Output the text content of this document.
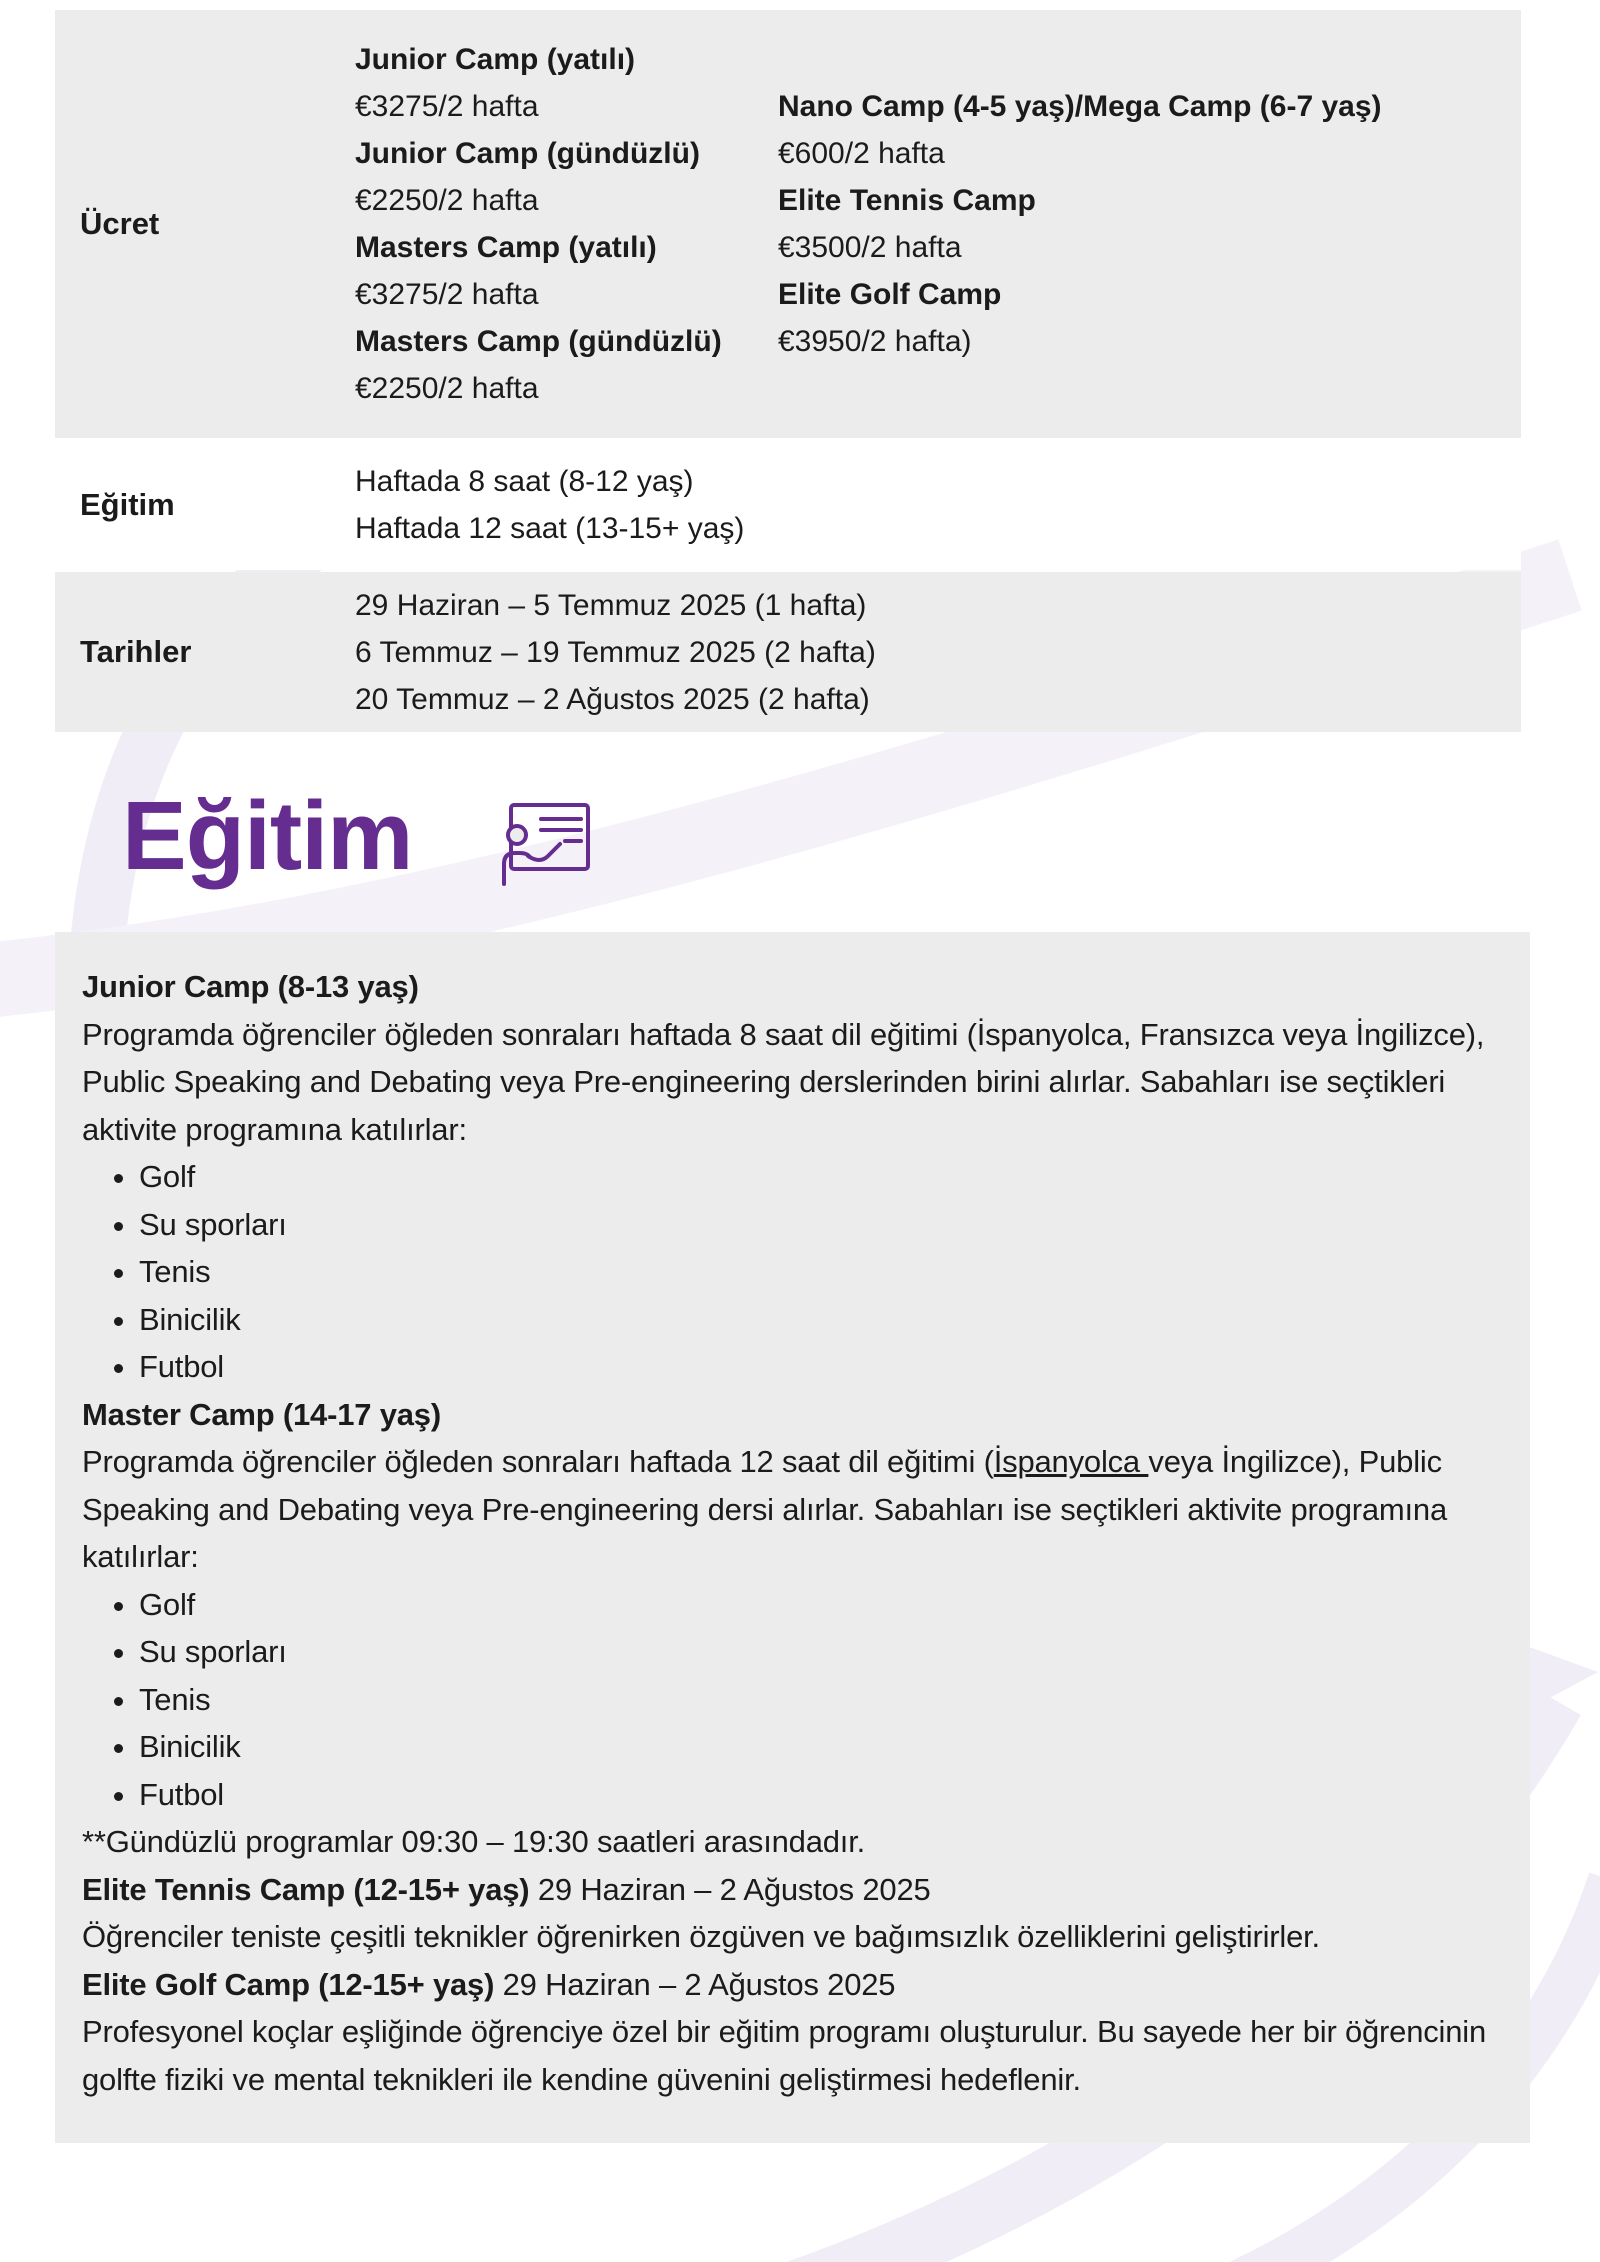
Ücret
Junior Camp (yatılı)
€3275/2 hafta
Junior Camp (gündüzlü)
€2250/2 hafta
Masters Camp (yatılı)
€3275/2 hafta
Masters Camp (gündüzlü)
€2250/2 hafta
Nano Camp (4-5 yaş)/Mega Camp (6-7 yaş)
€600/2 hafta
Elite Tennis Camp
€3500/2 hafta
Elite Golf Camp
€3950/2 hafta)
Eğitim
Haftada 8 saat (8-12 yaş)
Haftada 12 saat (13-15+ yaş)
Tarihler
29 Haziran – 5 Temmuz 2025 (1 hafta)
6 Temmuz – 19 Temmuz 2025 (2 hafta)
20 Temmuz – 2 Ağustos 2025 (2 hafta)
Eğitim
Junior Camp (8-13 yaş)
Programda öğrenciler öğleden sonraları haftada 8 saat dil eğitimi (İspanyolca, Fransızca veya İngilizce), Public Speaking and Debating veya Pre-engineering derslerinden birini alırlar. Sabahları ise seçtikleri aktivite programına katılırlar:
• Golf
• Su sporları
• Tenis
• Binicilik
• Futbol
Master Camp (14-17 yaş)
Programda öğrenciler öğleden sonraları haftada 12 saat dil eğitimi (İspanyolca veya İngilizce), Public Speaking and Debating veya Pre-engineering dersi alırlar. Sabahları ise seçtikleri aktivite programına katılırlar:
• Golf
• Su sporları
• Tenis
• Binicilik
• Futbol
**Gündüzlü programlar 09:30 – 19:30 saatleri arasındadır.
Elite Tennis Camp (12-15+ yaş) 29 Haziran – 2 Ağustos 2025
Öğrenciler teniste çeşitli teknikler öğrenirken özgüven ve bağımsızlık özelliklerini geliştirirler.
Elite Golf Camp (12-15+ yaş) 29 Haziran – 2 Ağustos 2025
Profesyonel koçlar eşliğinde öğrenciye özel bir eğitim programı oluşturulur. Bu sayede her bir öğrencinin golfte fiziki ve mental teknikleri ile kendine güvenini geliştirmesi hedeflenir.
